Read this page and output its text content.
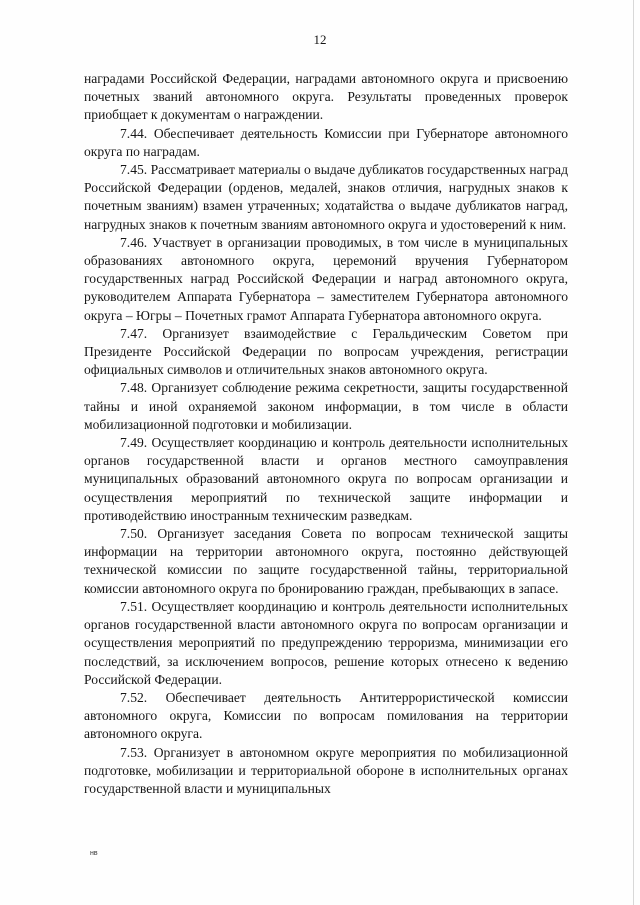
12

наградами Российской Федерации, наградами автономного округа и присвоению почетных званий автономного округа. Результаты проведенных проверок приобщает к документам о награждении.

7.44. Обеспечивает деятельность Комиссии при Губернаторе автономного округа по наградам.

7.45. Рассматривает материалы о выдаче дубликатов государственных наград Российской Федерации (орденов, медалей, знаков отличия, нагрудных знаков к почетным званиям) взамен утраченных; ходатайства о выдаче дубликатов наград, нагрудных знаков к почетным званиям автономного округа и удостоверений к ним.

7.46. Участвует в организации проводимых, в том числе в муниципальных образованиях автономного округа, церемоний вручения Губернатором государственных наград Российской Федерации и наград автономного округа, руководителем Аппарата Губернатора – заместителем Губернатора автономного округа – Югры – Почетных грамот Аппарата Губернатора автономного округа.

7.47. Организует взаимодействие с Геральдическим Советом при Президенте Российской Федерации по вопросам учреждения, регистрации официальных символов и отличительных знаков автономного округа.

7.48. Организует соблюдение режима секретности, защиты государственной тайны и иной охраняемой законом информации, в том числе в области мобилизационной подготовки и мобилизации.

7.49. Осуществляет координацию и контроль деятельности исполнительных органов государственной власти и органов местного самоуправления муниципальных образований автономного округа по вопросам организации и осуществления мероприятий по технической защите информации и противодействию иностранным техническим разведкам.

7.50. Организует заседания Совета по вопросам технической защиты информации на территории автономного округа, постоянно действующей технической комиссии по защите государственной тайны, территориальной комиссии автономного округа по бронированию граждан, пребывающих в запасе.

7.51. Осуществляет координацию и контроль деятельности исполнительных органов государственной власти автономного округа по вопросам организации и осуществления мероприятий по предупреждению терроризма, минимизации его последствий, за исключением вопросов, решение которых отнесено к ведению Российской Федерации.

7.52. Обеспечивает деятельность Антитеррористической комиссии автономного округа, Комиссии по вопросам помилования на территории автономного округа.

7.53. Организует в автономном округе мероприятия по мобилизационной подготовке, мобилизации и территориальной обороне в исполнительных органах государственной власти и муниципальных

нв
